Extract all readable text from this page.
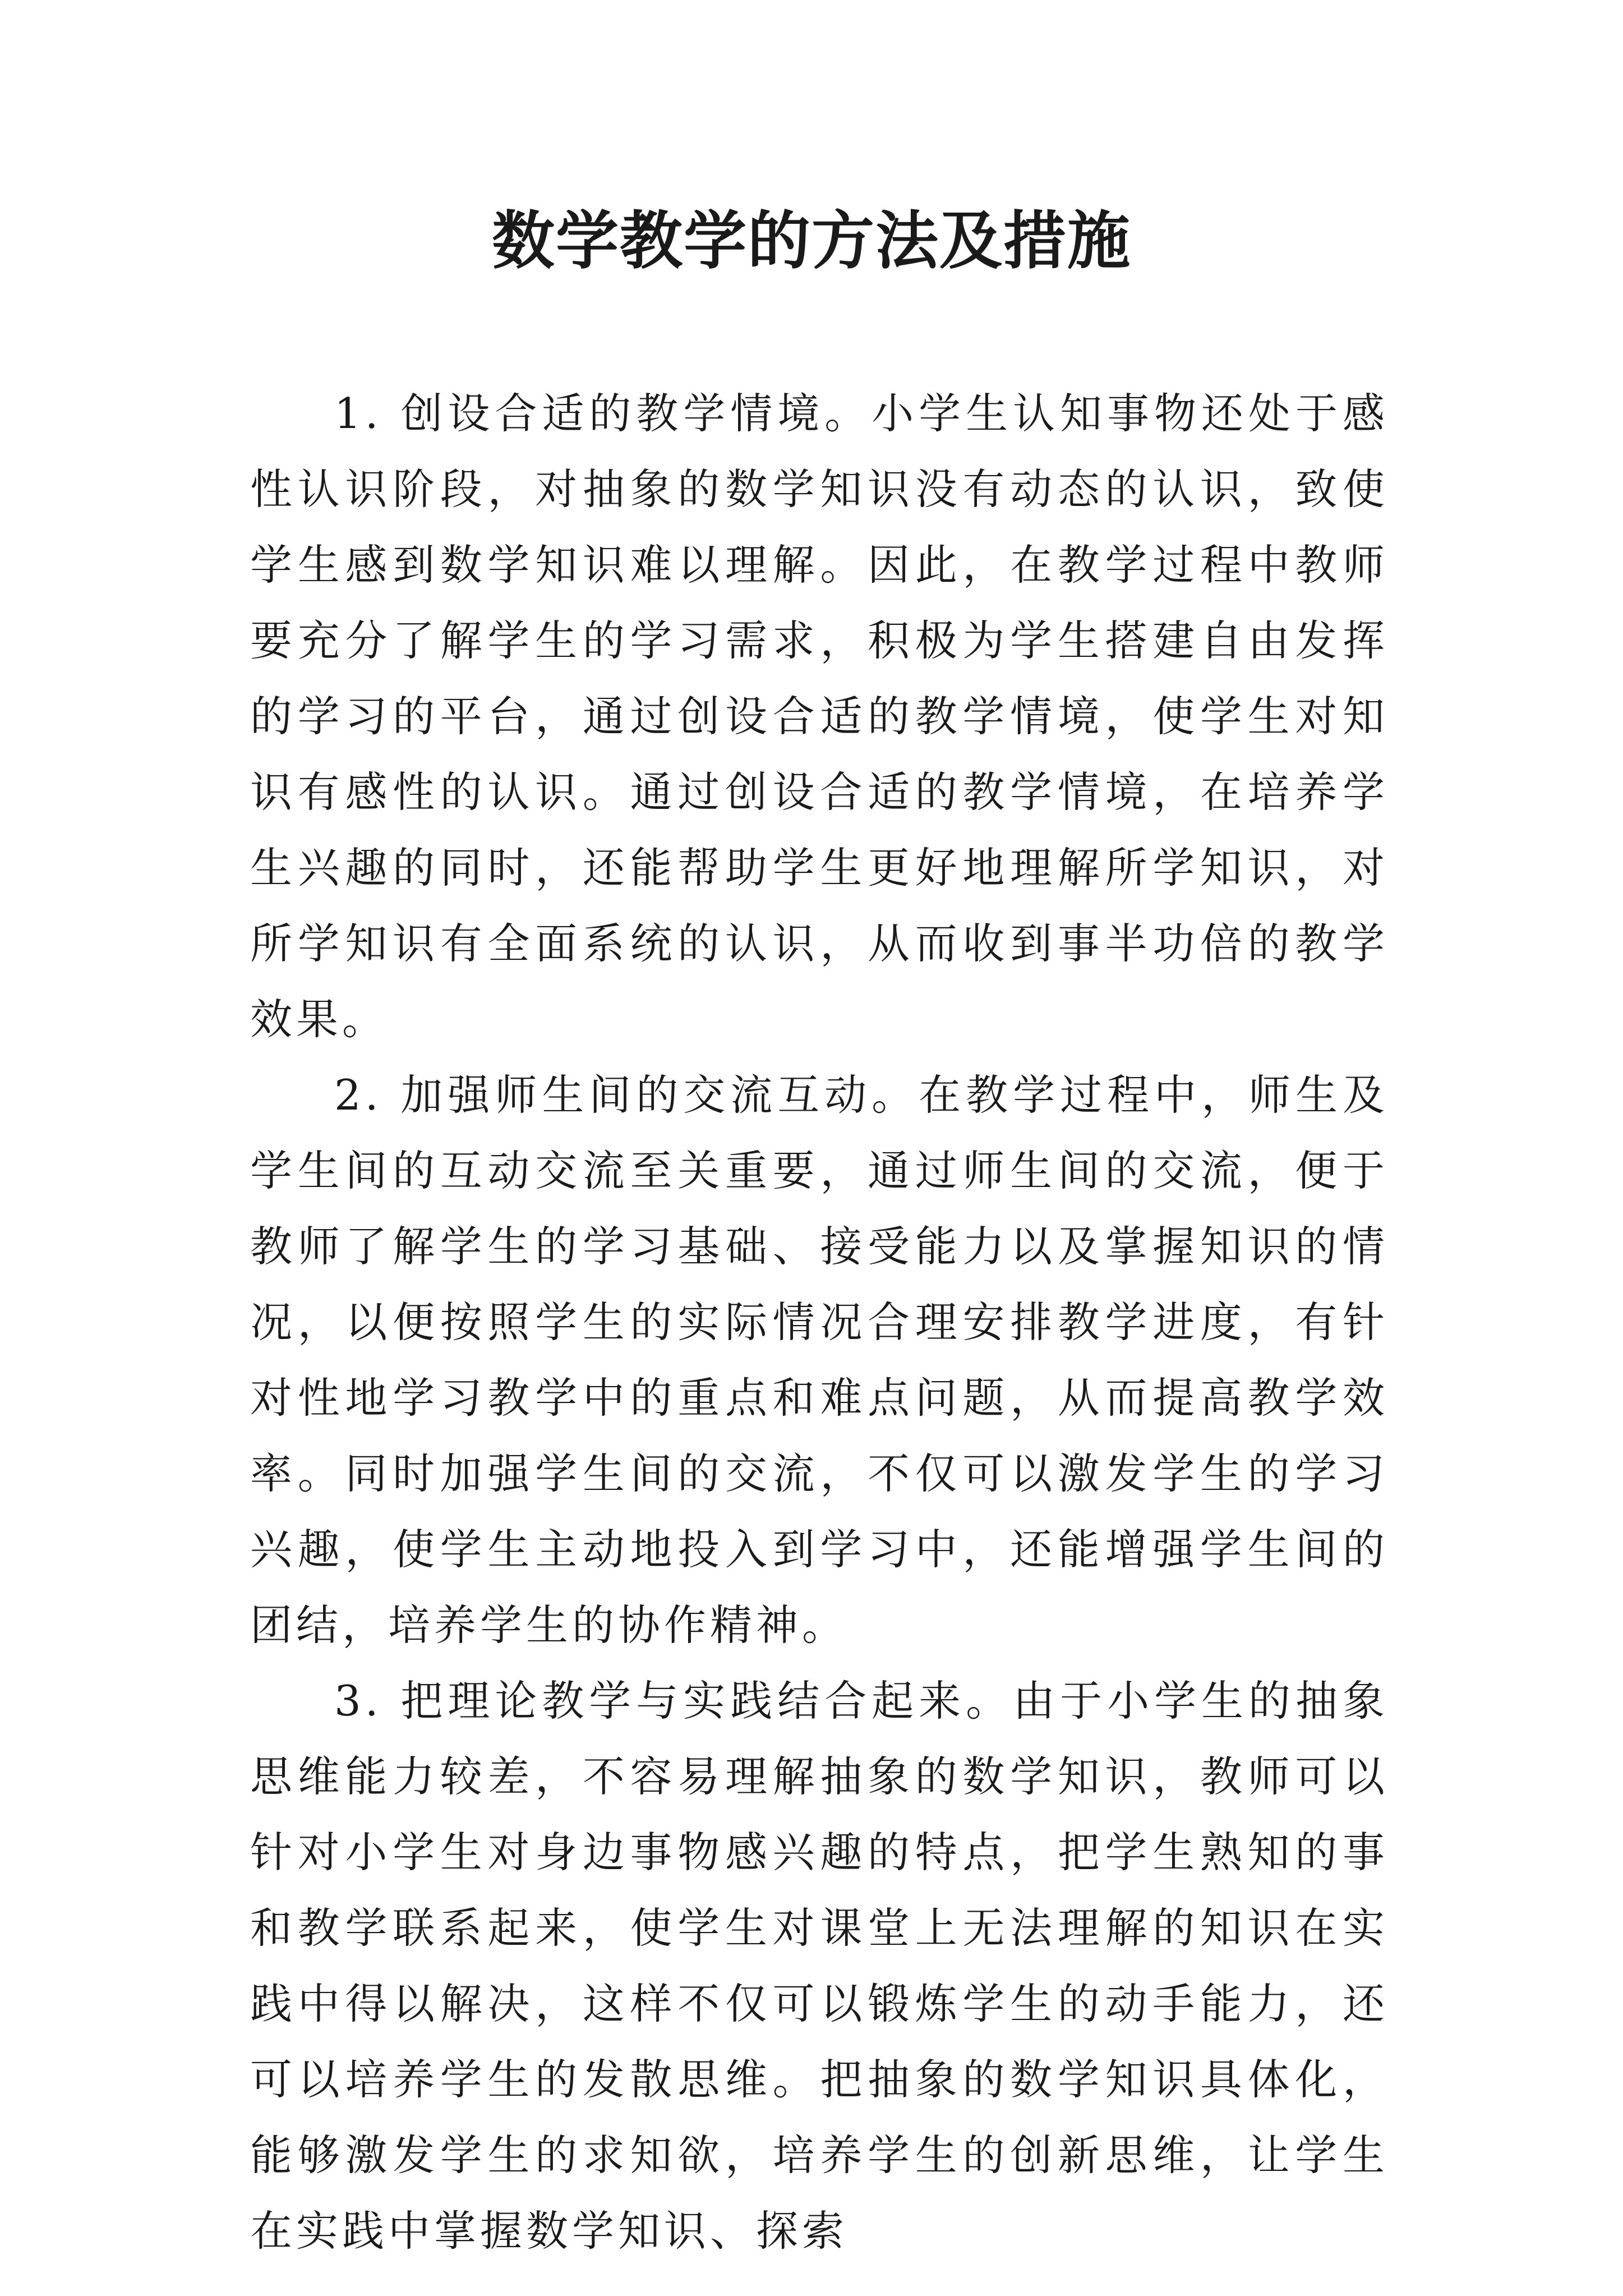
数学教学的方法及措施

1. 创设合适的教学情境。小学生认知事物还处于感性认识阶段，对抽象的数学知识没有动态的认识，致使学生感到数学知识难以理解。因此，在教学过程中教师要充分了解学生的学习需求，积极为学生搭建自由发挥的学习的平台，通过创设合适的教学情境，使学生对知识有感性的认识。通过创设合适的教学情境，在培养学生兴趣的同时，还能帮助学生更好地理解所学知识，对所学知识有全面系统的认识，从而收到事半功倍的教学效果。

2. 加强师生间的交流互动。在教学过程中，师生及学生间的互动交流至关重要，通过师生间的交流，便于教师了解学生的学习基础、接受能力以及掌握知识的情况，以便按照学生的实际情况合理安排教学进度，有针对性地学习教学中的重点和难点问题，从而提高教学效率。同时加强学生间的交流，不仅可以激发学生的学习兴趣，使学生主动地投入到学习中，还能增强学生间的团结，培养学生的协作精神。

3. 把理论教学与实践结合起来。由于小学生的抽象思维能力较差，不容易理解抽象的数学知识，教师可以针对小学生对身边事物感兴趣的特点，把学生熟知的事和教学联系起来，使学生对课堂上无法理解的知识在实践中得以解决，这样不仅可以锻炼学生的动手能力，还可以培养学生的发散思维。把抽象的数学知识具体化，能够激发学生的求知欲，培养学生的创新思维，让学生在实践中掌握数学知识、探索
